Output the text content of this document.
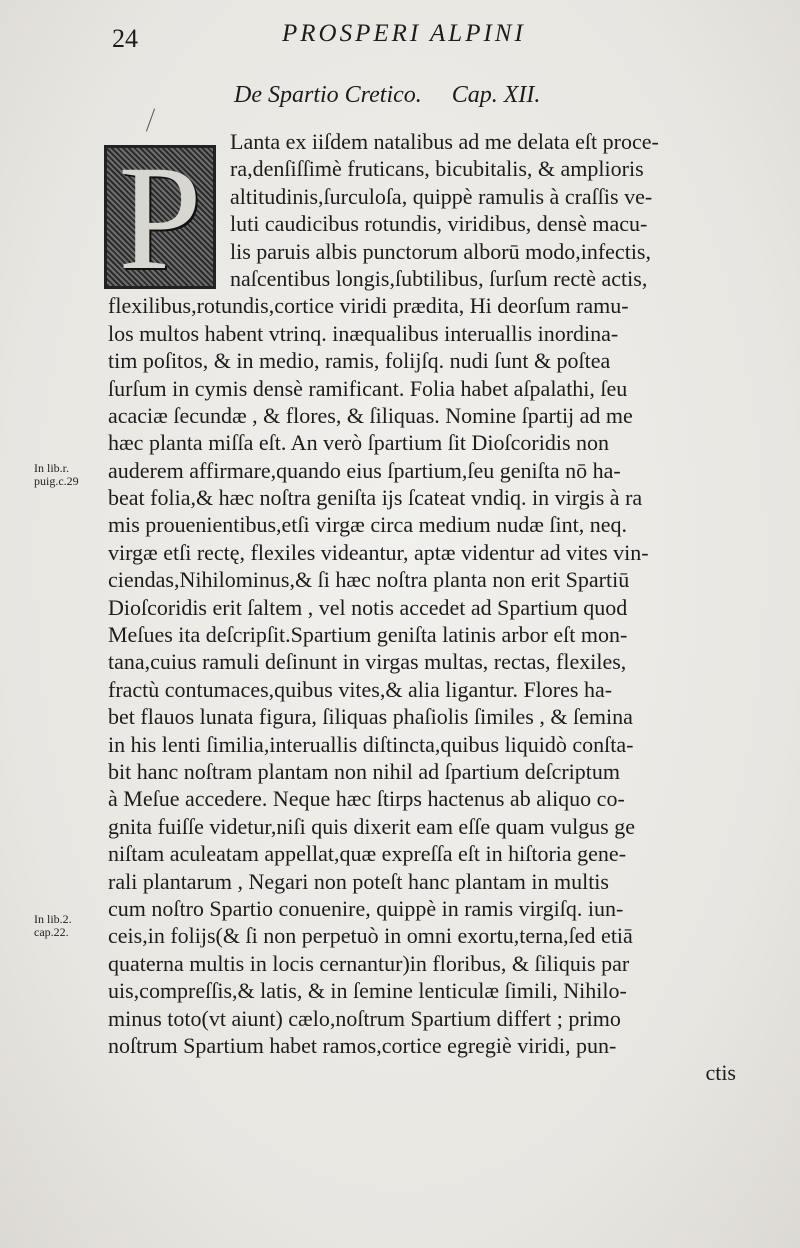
24	PROSPERI ALPINI
De Spartio Cretico. Cap. XII.
P
In lib.r. puig.c.29
In lib.2. cap.22.
Lanta ex iiſdem natalibus ad me delata eſt proce-
ra,denſiſſimè fruticans, bicubitalis, & amplioris
altitudinis,ſurculoſa, quippè ramulis à craſſis ve-
luti caudicibus rotundis, viridibus, densè macu-
lis paruis albis punctorum alborū modo,infectis,
naſcentibus longis,ſubtilibus, ſurſum rectè actis,
flexilibus,rotundis,cortice viridi prædita, Hi deorſum ramu-
los multos habent vtrinq. inæqualibus interuallis inordina-
tim poſitos, & in medio, ramis, folijſq. nudi ſunt & poſtea
ſurſum in cymis densè ramificant. Folia habet aſpalathi, ſeu
acaciæ ſecundæ , & flores, & ſiliquas. Nomine ſpartij ad me
hæc planta miſſa eſt. An verò ſpartium ſit Dioſcoridis non
auderem affirmare,quando eius ſpartium,ſeu geniſta nō ha-
beat folia,& hæc noſtra geniſta ijs ſcateat vndiq. in virgis à ra
mis prouenientibus,etſi virgæ circa medium nudæ ſint, neq.
virgæ etſi rectę, flexiles videantur, aptæ videntur ad vites vin-
ciendas,Nihilominus,& ſi hæc noſtra planta non erit Spartiū
Dioſcoridis erit ſaltem , vel notis accedet ad Spartium quod
Meſues ita deſcripſit.Spartium geniſta latinis arbor eſt mon-
tana,cuius ramuli deſinunt in virgas multas, rectas, flexiles,
fractù contumaces,quibus vites,& alia ligantur. Flores ha-
bet flauos lunata figura, ſiliquas phaſiolis ſimiles , & ſemina
in his lenti ſimilia,interuallis diſtincta,quibus liquidò conſta-
bit hanc noſtram plantam non nihil ad ſpartium deſcriptum
à Meſue accedere. Neque hæc ſtirps hactenus ab aliquo co-
gnita fuiſſe videtur,niſi quis dixerit eam eſſe quam vulgus ge
niſtam aculeatam appellat,quæ expreſſa eſt in hiſtoria gene-
rali plantarum , Negari non poteſt hanc plantam in multis
cum noſtro Spartio conuenire, quippè in ramis virgiſq. iun-
ceis,in folijs(& ſi non perpetuò in omni exortu,terna,ſed etiā
quaterna multis in locis cernantur)in floribus, & ſiliquis par
uis,compreſſis,& latis, & in ſemine lenticulæ ſimili, Nihilo-
minus toto(vt aiunt) cælo,noſtrum Spartium differt ; primo
noſtrum Spartium habet ramos,cortice egregiè viridi, pun-
ctis
